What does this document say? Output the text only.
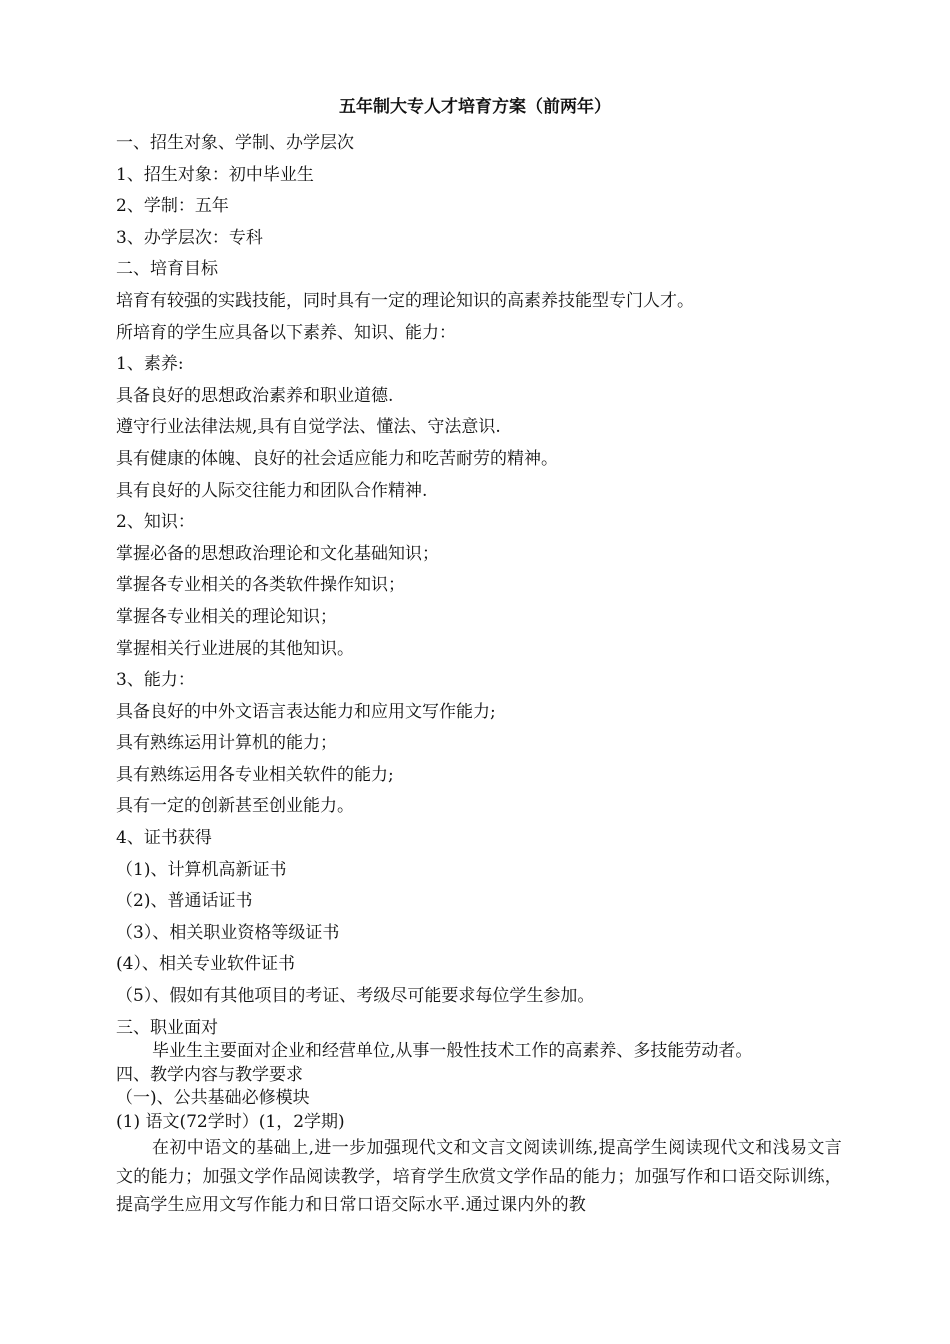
五年制大专人才培育方案（前两年）

一、招生对象、学制、办学层次

1、招生对象：初中毕业生

2、学制：五年

3、办学层次：专科

二、培育目标

培育有较强的实践技能，同时具有一定的理论知识的高素养技能型专门人才。

所培育的学生应具备以下素养、知识、能力：

1、素养:

具备良好的思想政治素养和职业道德.

遵守行业法律法规,具有自觉学法、懂法、守法意识.

具有健康的体魄、良好的社会适应能力和吃苦耐劳的精神。

具有良好的人际交往能力和团队合作精神.

2、知识：

掌握必备的思想政治理论和文化基础知识；

掌握各专业相关的各类软件操作知识；

掌握各专业相关的理论知识；

掌握相关行业进展的其他知识。

3、能力：

具备良好的中外文语言表达能力和应用文写作能力;

具有熟练运用计算机的能力；

具有熟练运用各专业相关软件的能力;

具有一定的创新甚至创业能力。

4、证书获得

（1)、计算机高新证书

（2)、普通话证书

（3）、相关职业资格等级证书

(4）、相关专业软件证书

（5）、假如有其他项目的考证、考级尽可能要求每位学生参加。

三、职业面对

毕业生主要面对企业和经营单位,从事一般性技术工作的高素养、多技能劳动者。

四、教学内容与教学要求

（一)、公共基础必修模块

(1) 语文(72学时）(1，2学期)

在初中语文的基础上,进一步加强现代文和文言文阅读训练,提高学生阅读现代文和浅易文言文的能力；加强文学作品阅读教学，培育学生欣赏文学作品的能力；加强写作和口语交际训练，提高学生应用文写作能力和日常口语交际水平.通过课内外的教
